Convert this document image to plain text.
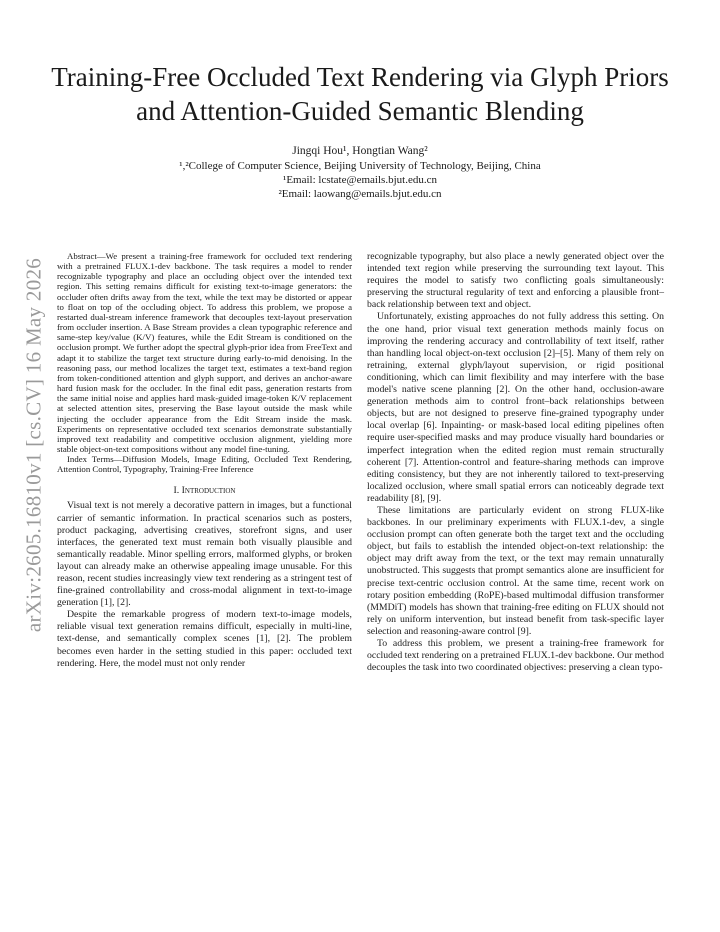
arXiv:2605.16810v1 [cs.CV] 16 May 2026
Training-Free Occluded Text Rendering via Glyph Priors and Attention-Guided Semantic Blending
Jingqi Hou¹, Hongtian Wang²
¹,²College of Computer Science, Beijing University of Technology, Beijing, China
¹Email: lcstate@emails.bjut.edu.cn
²Email: laowang@emails.bjut.edu.cn

Abstract—We present a training-free framework for occluded text rendering with a pretrained FLUX.1-dev backbone. The task requires a model to render recognizable typography and place an occluding object over the intended text region. This setting remains difficult for existing text-to-image generators: the occluder often drifts away from the text, while the text may be distorted or appear to float on top of the occluding object. To address this problem, we propose a restarted dual-stream inference framework that decouples text-layout preservation from occluder insertion. A Base Stream provides a clean typographic reference and same-step key/value (K/V) features, while the Edit Stream is conditioned on the occlusion prompt. We further adopt the spectral glyph-prior idea from FreeText and adapt it to stabilize the target text structure during early-to-mid denoising. In the reasoning pass, our method localizes the target text, estimates a text-band region from token-conditioned attention and glyph support, and derives an anchor-aware hard fusion mask for the occluder. In the final edit pass, generation restarts from the same initial noise and applies hard mask-guided image-token K/V replacement at selected attention sites, preserving the Base layout outside the mask while injecting the occluder appearance from the Edit Stream inside the mask. Experiments on representative occluded text scenarios demonstrate substantially improved text readability and competitive occlusion alignment, yielding more stable object-on-text compositions without any model fine-tuning.

Index Terms—Diffusion Models, Image Editing, Occluded Text Rendering, Attention Control, Typography, Training-Free Inference

I. Introduction

Visual text is not merely a decorative pattern in images, but a functional carrier of semantic information. In practical scenarios such as posters, product packaging, advertising creatives, storefront signs, and user interfaces, the generated text must remain both visually plausible and semantically readable. Minor spelling errors, malformed glyphs, or broken layout can already make an otherwise appealing image unusable. For this reason, recent studies increasingly view text rendering as a stringent test of fine-grained controllability and cross-modal alignment in text-to-image generation [1], [2].

Despite the remarkable progress of modern text-to-image models, reliable visual text generation remains difficult, especially in multi-line, text-dense, and semantically complex scenes [1], [2]. The problem becomes even harder in the setting studied in this paper: occluded text rendering. Here, the model must not only render

recognizable typography, but also place a newly generated object over the intended text region while preserving the surrounding text layout. This requires the model to satisfy two conflicting goals simultaneously: preserving the structural regularity of text and enforcing a plausible front–back relationship between text and object.

Unfortunately, existing approaches do not fully address this setting. On the one hand, prior visual text generation methods mainly focus on improving the rendering accuracy and controllability of text itself, rather than handling local object-on-text occlusion [2]–[5]. Many of them rely on retraining, external glyph/layout supervision, or rigid positional conditioning, which can limit flexibility and may interfere with the base model's native scene planning [2]. On the other hand, occlusion-aware generation methods aim to control front–back relationships between objects, but are not designed to preserve fine-grained typography under local overlap [6]. Inpainting- or mask-based local editing pipelines often require user-specified masks and may produce visually hard boundaries or imperfect integration when the edited region must remain structurally coherent [7]. Attention-control and feature-sharing methods can improve editing consistency, but they are not inherently tailored to text-preserving localized occlusion, where small spatial errors can noticeably degrade text readability [8], [9].

These limitations are particularly evident on strong FLUX-like backbones. In our preliminary experiments with FLUX.1-dev, a single occlusion prompt can often generate both the target text and the occluding object, but fails to establish the intended object-on-text relationship: the object may drift away from the text, or the text may remain unnaturally unobstructed. This suggests that prompt semantics alone are insufficient for precise text-centric occlusion control. At the same time, recent work on rotary position embedding (RoPE)-based multimodal diffusion transformer (MMDiT) models has shown that training-free editing on FLUX should not rely on uniform intervention, but instead benefit from task-specific layer selection and reasoning-aware control [9].

To address this problem, we present a training-free framework for occluded text rendering on a pretrained FLUX.1-dev backbone. Our method decouples the task into two coordinated objectives: preserving a clean typo-
